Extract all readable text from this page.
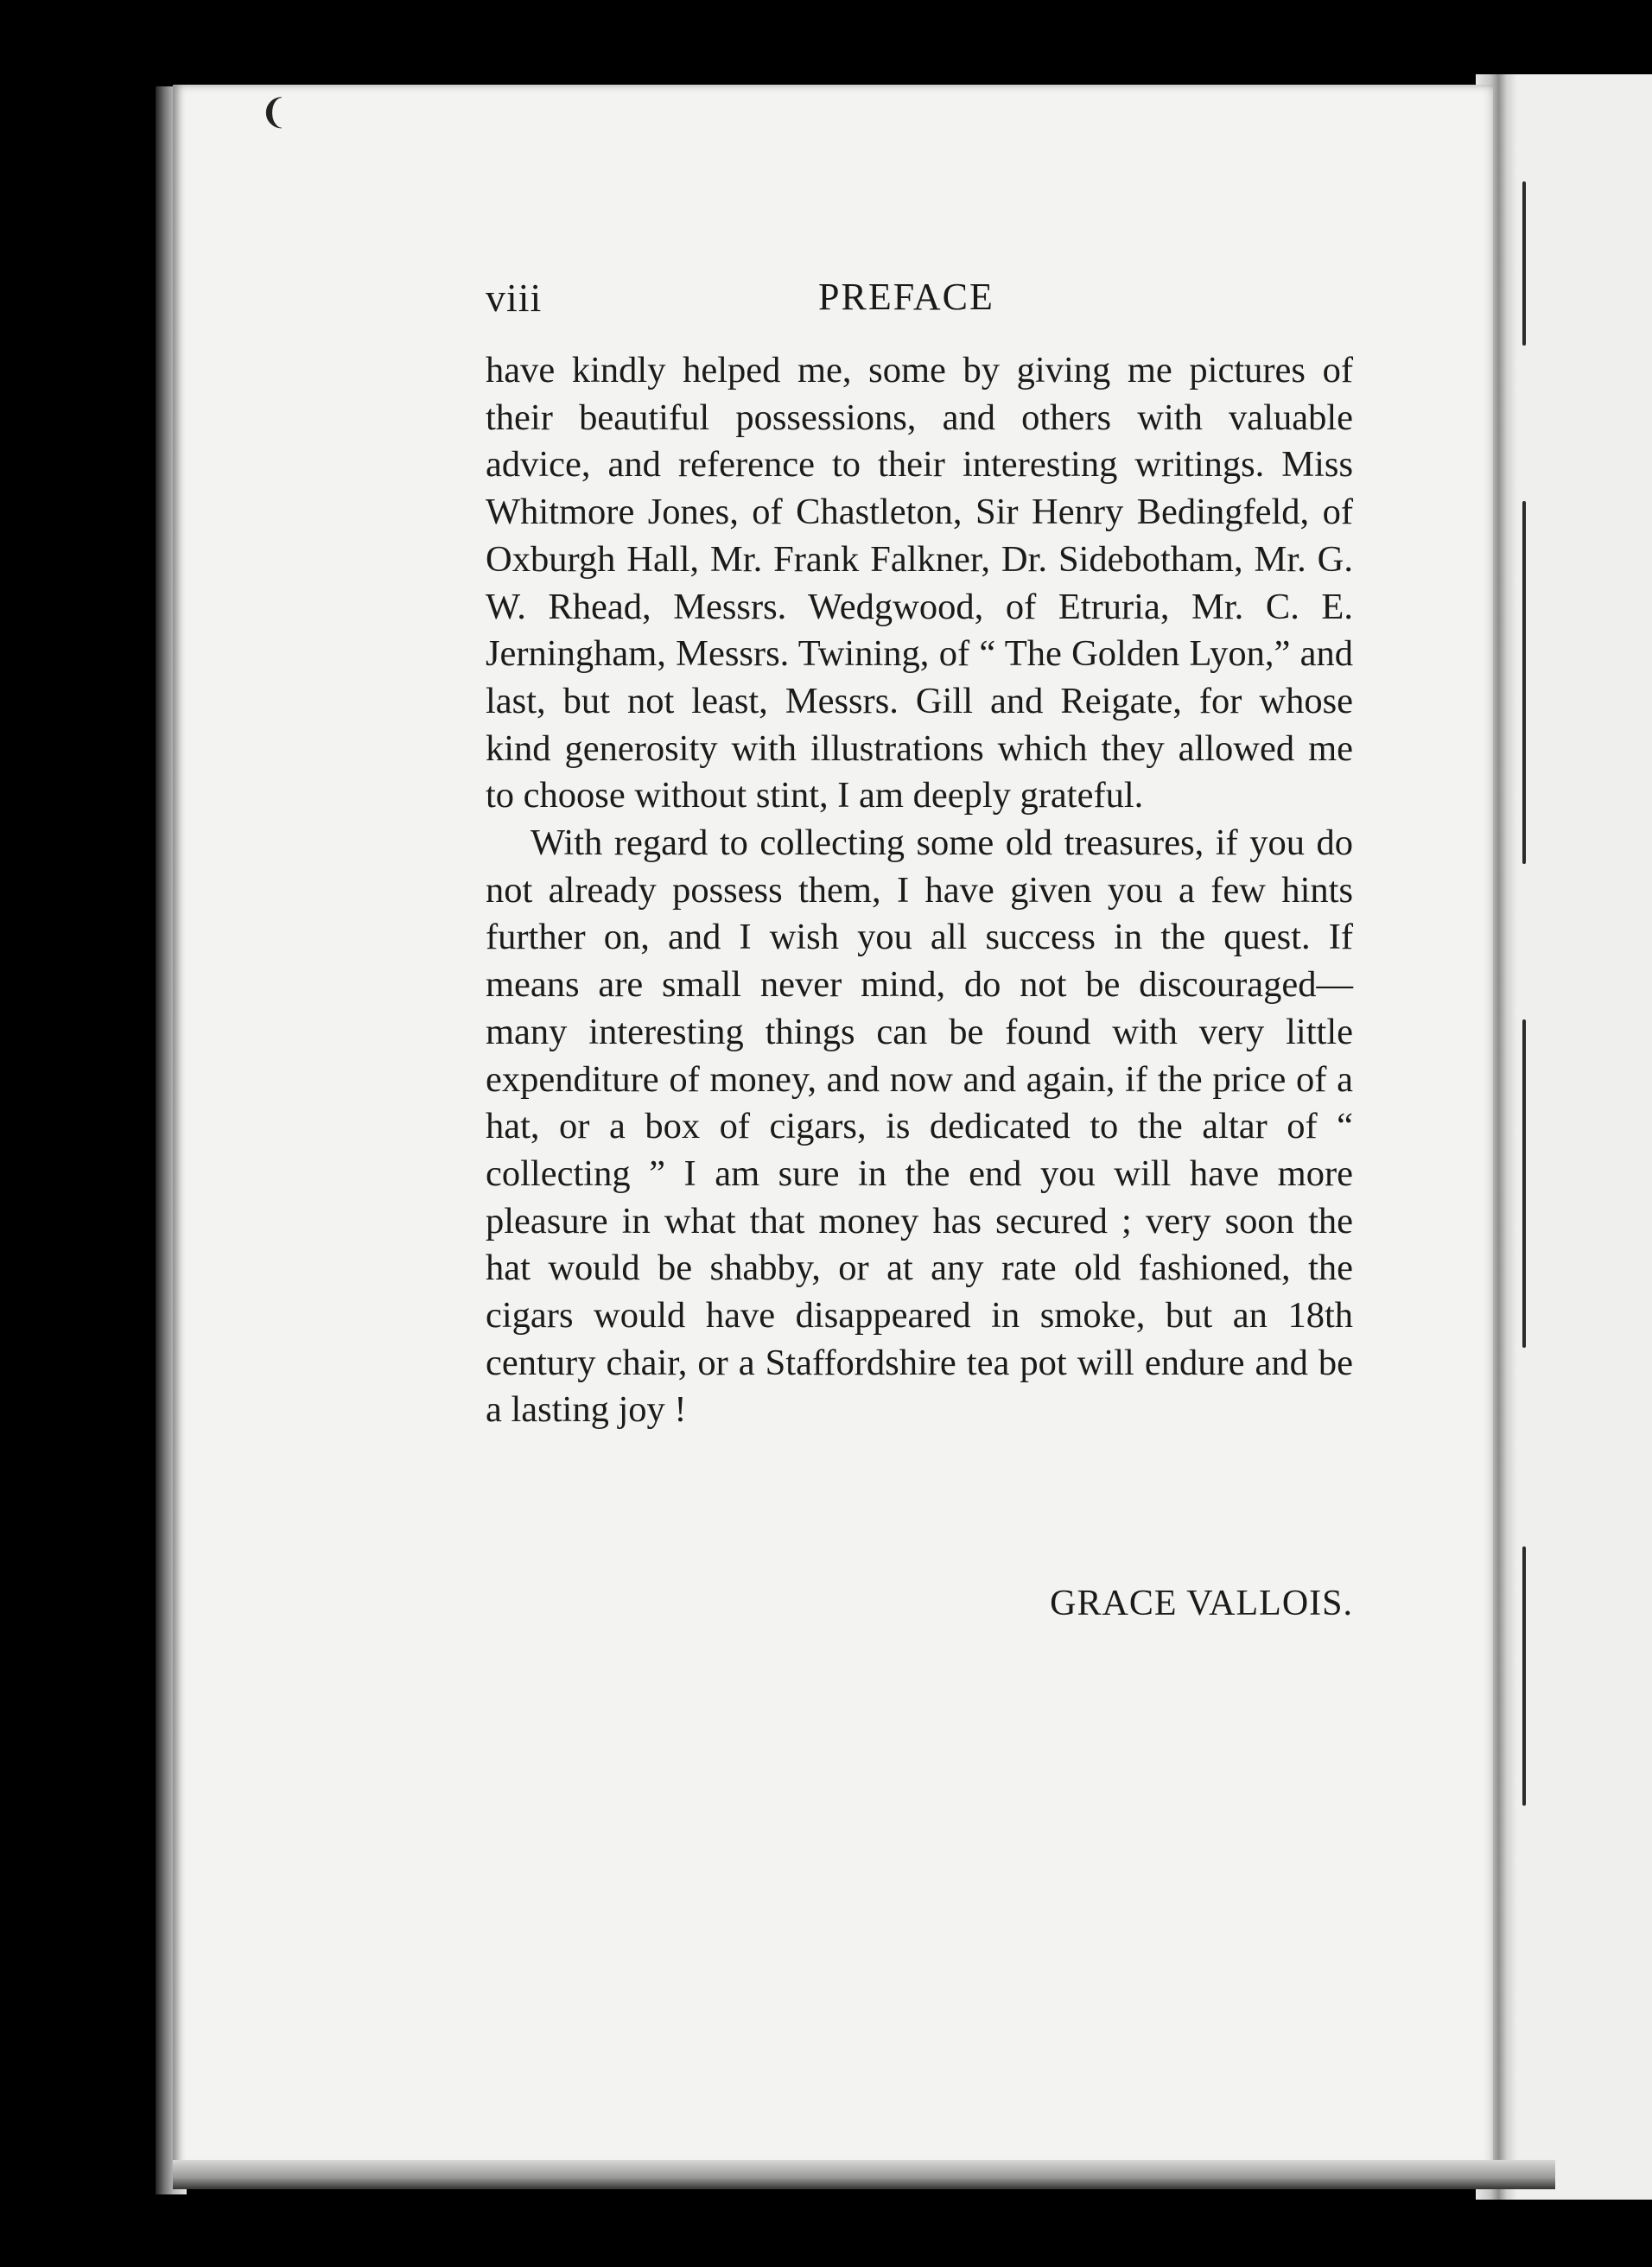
❨
viii	PREFACE

have kindly helped me, some by giving me pictures of their beautiful possessions, and others with valuable advice, and reference to their interesting writings. Miss Whitmore Jones, of Chastleton, Sir Henry Bedingfeld, of Oxburgh Hall, Mr. Frank Falkner, Dr. Sidebotham, Mr. G. W. Rhead, Messrs. Wedgwood, of Etruria, Mr. C. E. Jerningham, Messrs. Twining, of “ The Golden Lyon,” and last, but not least, Messrs. Gill and Reigate, for whose kind generosity with illustrations which they allowed me to choose without stint, I am deeply grateful.

With regard to collecting some old treasures, if you do not already possess them, I have given you a few hints further on, and I wish you all success in the quest. If means are small never mind, do not be discouraged—many interesting things can be found with very little expenditure of money, and now and again, if the price of a hat, or a box of cigars, is dedicated to the altar of “ collecting ” I am sure in the end you will have more pleasure in what that money has secured ; very soon the hat would be shabby, or at any rate old fashioned, the cigars would have disappeared in smoke, but an 18th century chair, or a Staffordshire tea pot will endure and be a lasting joy !

GRACE VALLOIS.
